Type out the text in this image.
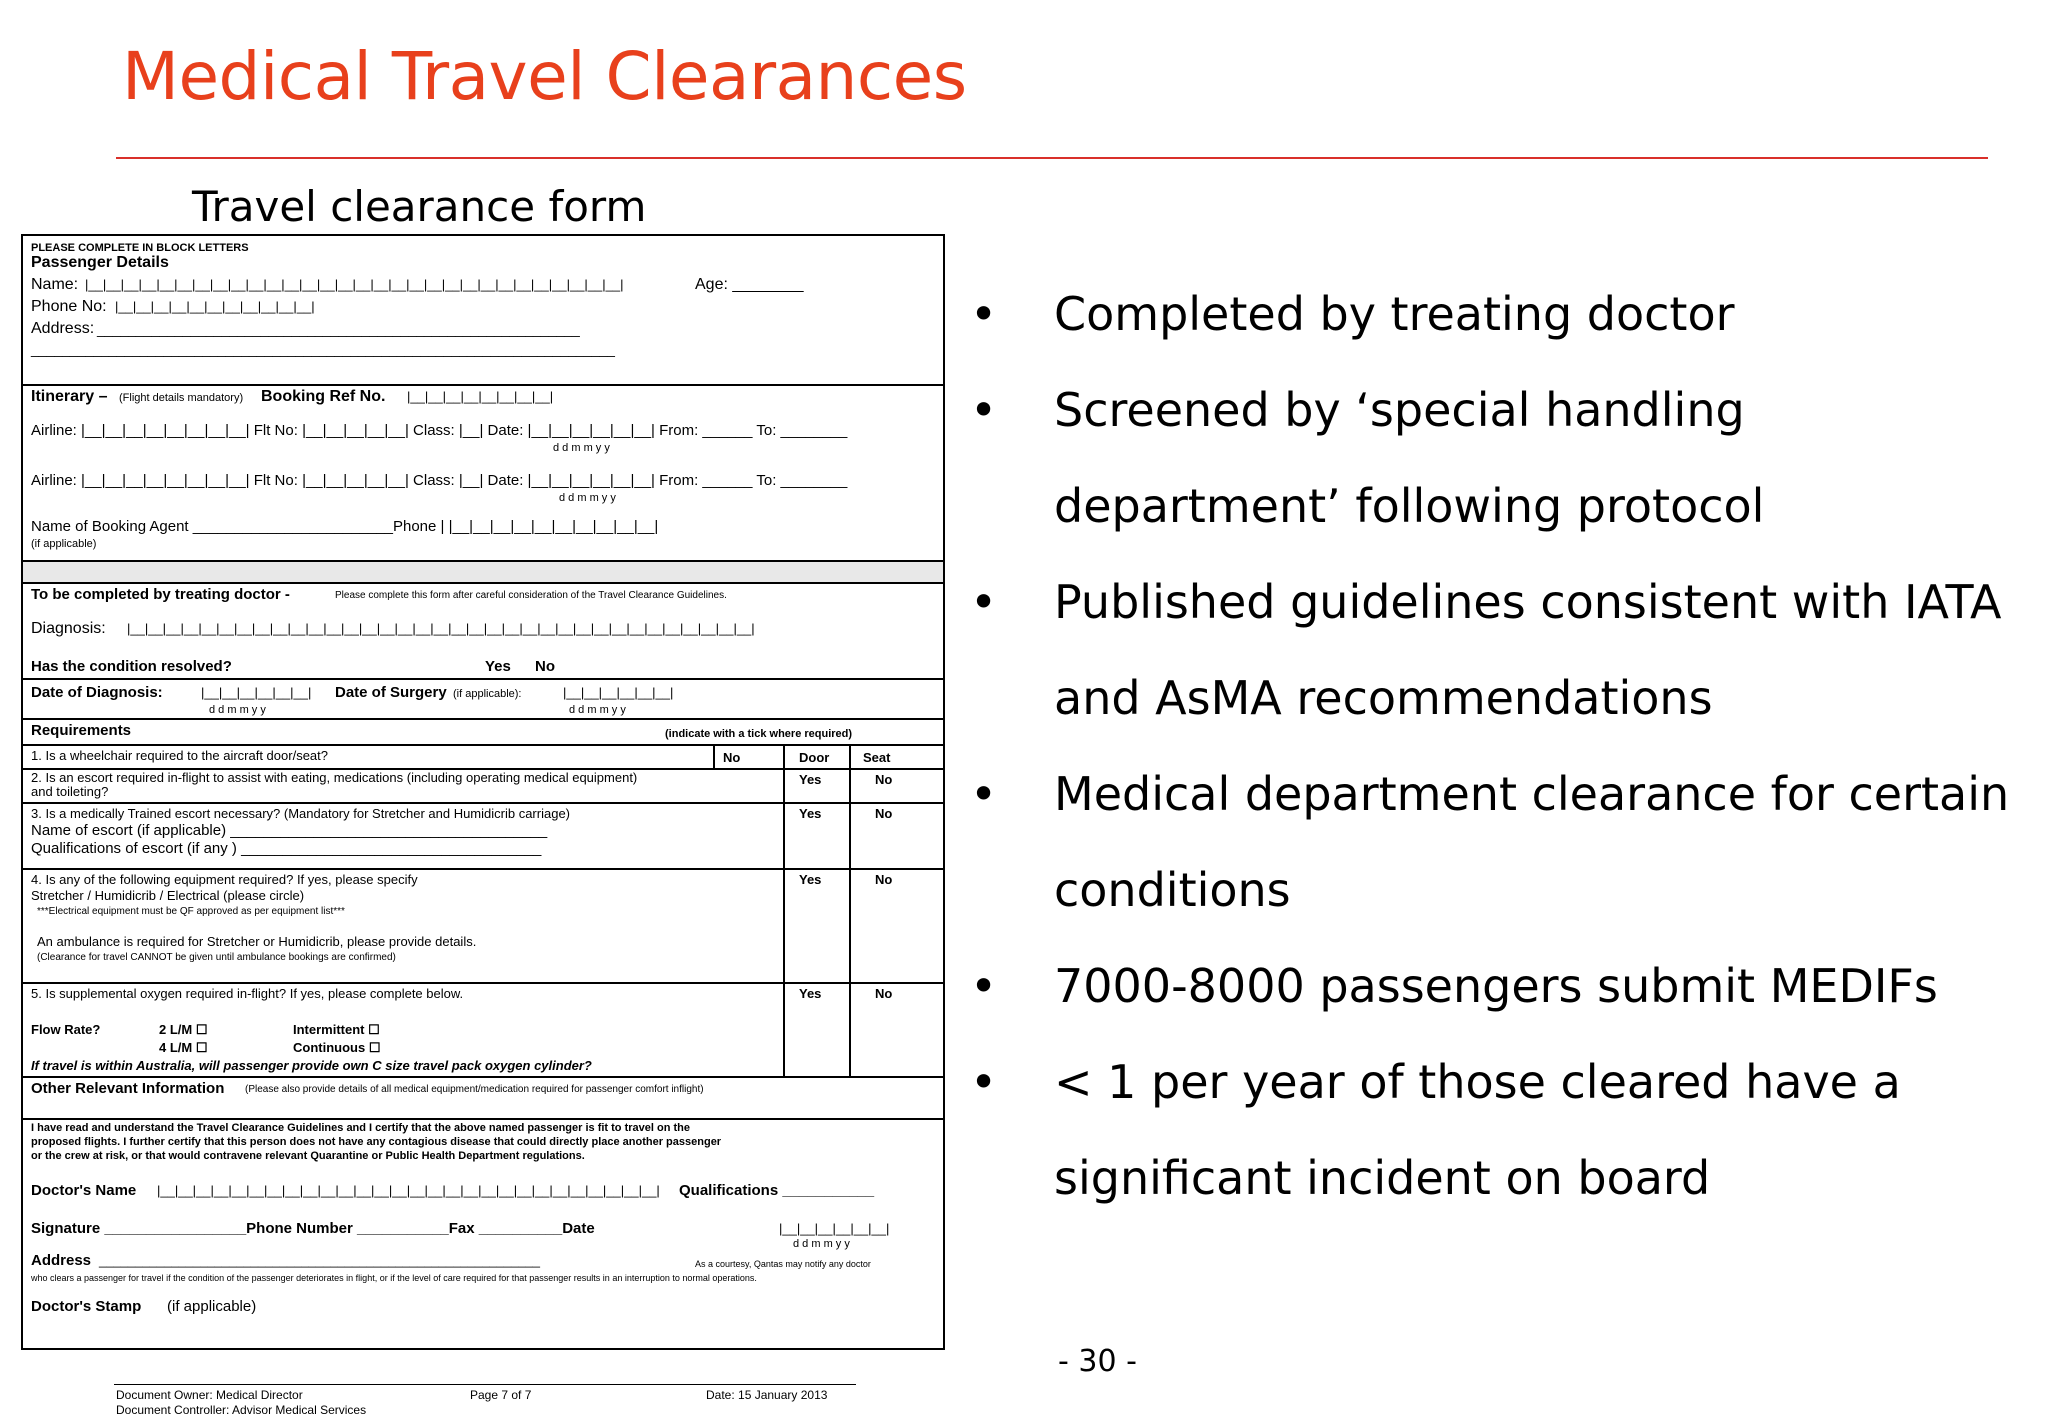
Medical Travel Clearances
Travel clearance form
PLEASE COMPLETE IN BLOCK LETTERS
Passenger Details
Name: |__|__|__|__|__|__|__|__|__|__|__|__|__|__|__|__|__|__|__|__|__|__|__|__|__|__|__|__|__|__|	Age: ________
Phone No: |__|__|__|__|__|__|__|__|__|__|__|
Address: ______________________________________________________________
___________________________________________________________________________
Itinerary – (Flight details mandatory) Booking Ref No. |__|__|__|__|__|__|__|__|
Airline: |__|__|__|__|__|__|__|__| Flt No: |__|__|__|__|__| Class: |__| Date: |__|__|__|__|__|__| From: ______ To: ________
d d m m y y
Airline: |__|__|__|__|__|__|__|__| Flt No: |__|__|__|__|__| Class: |__| Date: |__|__|__|__|__|__| From: ______ To: ________
d d m m y y
Name of Booking Agent ________________________Phone | |__|__|__|__|__|__|__|__|__|__|
(if applicable)
To be completed by treating doctor -	Please complete this form after careful consideration of the Travel Clearance Guidelines.
Diagnosis: |__|__|__|__|__|__|__|__|__|__|__|__|__|__|__|__|__|__|__|__|__|__|__|__|__|__|__|__|__|__|__|__|__|__|__|
Has the condition resolved?	Yes No
Date of Diagnosis:	|__|__|__|__|__|__| Date of Surgery (if applicable):	|__|__|__|__|__|__|
d d m m y y	d d m m y y
Requirements	(indicate with a tick where required)
1. Is a wheelchair required to the aircraft door/seat?	No	Door	Seat
2. Is an escort required in-flight to assist with eating, medications (including operating medical equipment)
and toileting?
Yes	No
3. Is a medically Trained escort necessary? (Mandatory for Stretcher and Humidicrib carriage)
Name of escort (if applicable) ______________________________________
Qualifications of escort (if any ) ____________________________________
Yes	No
4. Is any of the following equipment required? If yes, please specify
Stretcher / Humidicrib / Electrical (please circle)
***Electrical equipment must be QF approved as per equipment list***
An ambulance is required for Stretcher or Humidicrib, please provide details.
(Clearance for travel CANNOT be given until ambulance bookings are confirmed)
Yes	No
5. Is supplemental oxygen required in-flight? If yes, please complete below.	Yes	No
Flow Rate?	2 L/M ☐
4 L/M ☐
Intermittent ☐
Continuous ☐
If travel is within Australia, will passenger provide own C size travel pack oxygen cylinder?
Other Relevant Information (Please also provide details of all medical equipment/medication required for passenger comfort inflight)
I have read and understand the Travel Clearance Guidelines and I certify that the above named passenger is fit to travel on the
proposed flights. I further certify that this person does not have any contagious disease that could directly place another passenger
or the crew at risk, or that would contravene relevant Quarantine or Public Health Department regulations.
Doctor's Name |__|__|__|__|__|__|__|__|__|__|__|__|__|__|__|__|__|__|__|__|__|__|__|__|__|__|__|__| Qualifications ___________
Signature _________________Phone Number ___________Fax __________Date	|__|__|__|__|__|__|
d d m m y y
Address _____________________________________________________________	As a courtesy, Qantas may notify any doctor
who clears a passenger for travel if the condition of the passenger deteriorates in flight, or if the level of care required for that passenger results in an interruption to normal operations.
Doctor's Stamp (if applicable)
Document Owner: Medical Director
Document Controller: Advisor Medical Services
Page 7 of 7	Date: 15 January 2013
• Completed by treating doctor
• Screened by ‘special handling department’ following protocol
• Published guidelines consistent with IATA and AsMA recommendations
• Medical department clearance for certain conditions
• 7000-8000 passengers submit MEDIFs
• < 1 per year of those cleared have a significant incident on board
- 30 -
